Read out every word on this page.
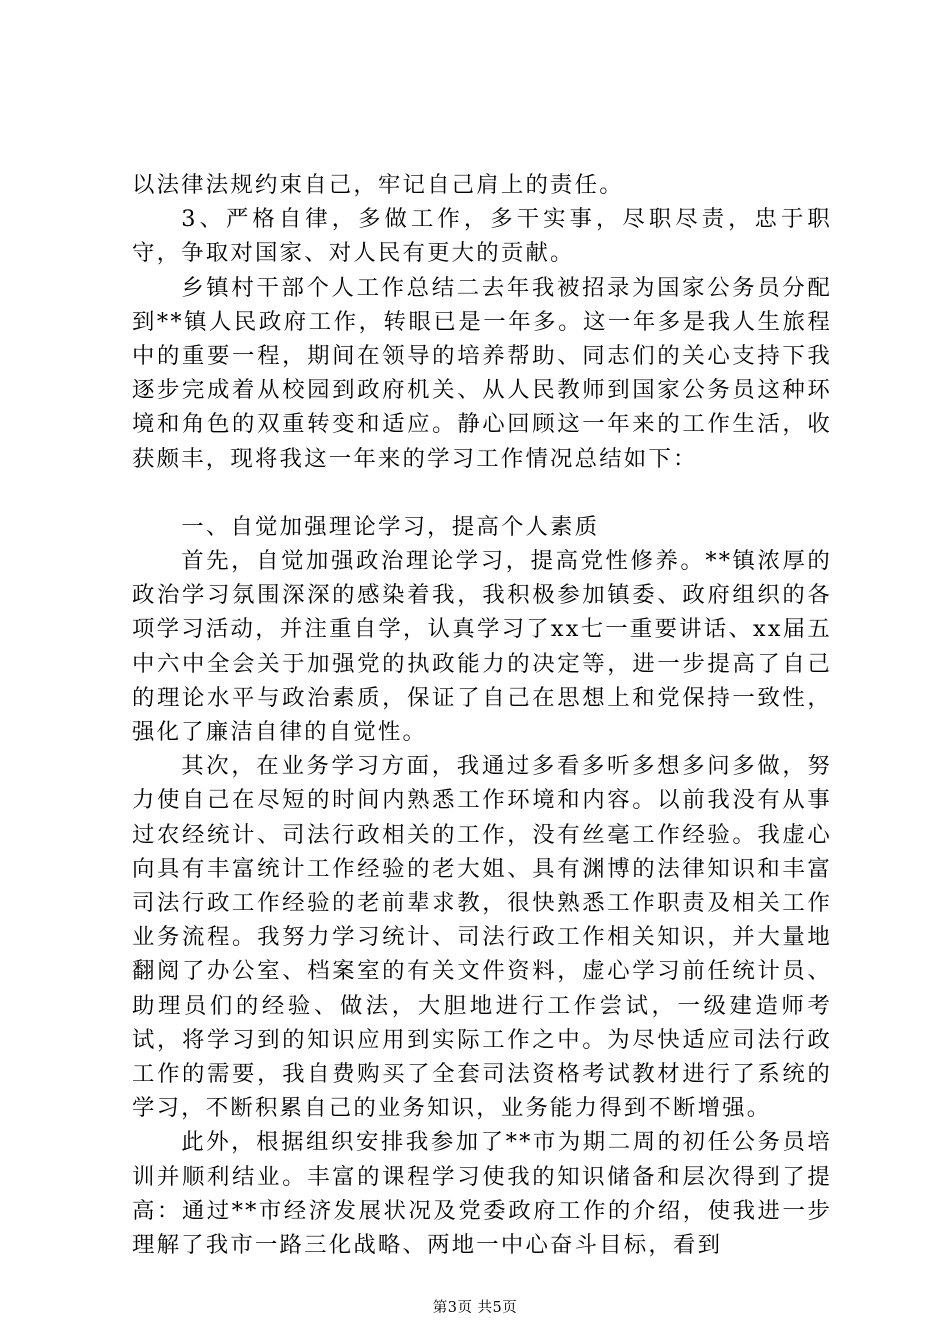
以法律法规约束自己，牢记自己肩上的责任。

3、严格自律，多做工作，多干实事，尽职尽责，忠于职守，争取对国家、对人民有更大的贡献。

乡镇村干部个人工作总结二去年我被招录为国家公务员分配到**镇人民政府工作，转眼已是一年多。这一年多是我人生旅程中的重要一程，期间在领导的培养帮助、同志们的关心支持下我逐步完成着从校园到政府机关、从人民教师到国家公务员这种环境和角色的双重转变和适应。静心回顾这一年来的工作生活，收获颇丰，现将我这一年来的学习工作情况总结如下：

一、自觉加强理论学习，提高个人素质

首先，自觉加强政治理论学习，提高党性修养。**镇浓厚的政治学习氛围深深的感染着我，我积极参加镇委、政府组织的各项学习活动，并注重自学，认真学习了xx七一重要讲话、xx届五中六中全会关于加强党的执政能力的决定等，进一步提高了自己的理论水平与政治素质，保证了自己在思想上和党保持一致性，强化了廉洁自律的自觉性。

其次，在业务学习方面，我通过多看多听多想多问多做，努力使自己在尽短的时间内熟悉工作环境和内容。以前我没有从事过农经统计、司法行政相关的工作，没有丝毫工作经验。我虚心向具有丰富统计工作经验的老大姐、具有渊博的法律知识和丰富司法行政工作经验的老前辈求教，很快熟悉工作职责及相关工作业务流程。我努力学习统计、司法行政工作相关知识，并大量地翻阅了办公室、档案室的有关文件资料，虚心学习前任统计员、助理员们的经验、做法，大胆地进行工作尝试，一级建造师考试，将学习到的知识应用到实际工作之中。为尽快适应司法行政工作的需要，我自费购买了全套司法资格考试教材进行了系统的学习，不断积累自己的业务知识，业务能力得到不断增强。

此外，根据组织安排我参加了**市为期二周的初任公务员培训并顺利结业。丰富的课程学习使我的知识储备和层次得到了提高：通过**市经济发展状况及党委政府工作的介绍，使我进一步理解了我市一路三化战略、两地一中心奋斗目标，看到

第3页 共5页
